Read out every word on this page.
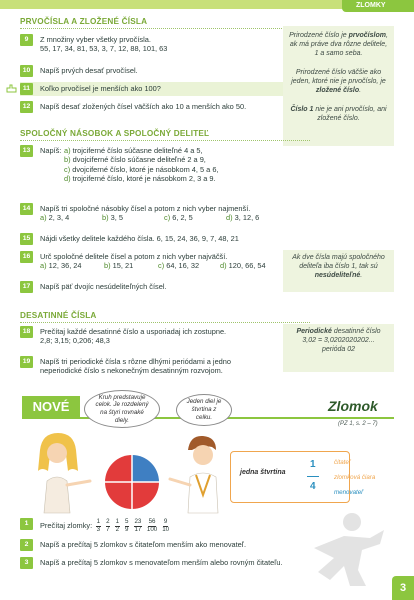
ZLOMKY
PRVOČÍSLA A ZLOŽENÉ ČÍSLA
9	Z množiny vyber všetky prvočísla.
55, 17, 34, 81, 53, 3, 7, 12, 88, 101, 63
10	Napíš prvých desať prvočísel.
11	Koľko prvočísel je menších ako 100?
12	Napíš desať zložených čísel väčších ako 10 a menších ako 50.

Prirodzené číslo je prvočíslom, ak má práve dva rôzne delitele, 1 a samo seba.

Prirodzené číslo väčšie ako jeden, ktoré nie je prvočíslo, je zložené číslo.

Číslo 1 nie je ani prvočíslo, ani zložené číslo.

SPOLOČNÝ NÁSOBOK A SPOLOČNÝ DELITEĽ
13	Napíš: a) trojciferné číslo súčasne deliteľné 4 a 5,
b) dvojciferné číslo súčasne deliteľné 2 a 9,
c) dvojciferné číslo, ktoré je násobkom 4, 5 a 6,
d) trojciferné číslo, ktoré je násobkom 2, 3 a 9.
14	Napíš tri spoločné násobky čísel a potom z nich vyber najmenší.
a) 2, 3, 4	b) 3, 5	c) 6, 2, 5	d) 3, 12, 6
15	Nájdi všetky delitele každého čísla. 6, 15, 24, 36, 9, 7, 48, 21
16	Urč spoločné delitele čísel a potom z nich vyber najväčší.
a) 12, 36, 24	b) 15, 21	c) 64, 16, 32	d) 120, 66, 54
17	Napíš päť dvojíc nesúdeliteľných čísel.
Ak dve čísla majú spoločného deliteľa iba číslo 1, tak sú nesúdeliteľné.
DESATINNÉ ČÍSLA
18	Prečítaj každé desatinné číslo a usporiadaj ich zostupne.
2,8; 3,15; 0,206; 48,3
19	Napíš tri periodické čísla s rôzne dlhými periódami a jedno
neperiodické číslo s nekonečným desatinným rozvojom.

Periodické desatinné číslo

3,02 = 3,0202020202...

perióda 02

NOVÉ	Zlomok
(PZ 1, s. 2 – 7)
Kruh predstavuje celok. Je rozdelený na štyri rovnaké diely.
Jeden diel je štvrtina z celku.
jedna štvrtina
1
4
čitateľ
zlomková čiara
menovateľ
1	Prečítaj zlomky: $\frac{1}{3} \frac{2}{7} \frac{1}{2} \frac{5}{9} \frac{23}{17} \frac{56}{100} \frac{9}{10}$
2	Napíš a prečítaj 5 zlomkov s čitateľom menším ako menovateľ.
3	Napíš a prečítaj 5 zlomkov s menovateľom menším alebo rovným čitateľu.
3
